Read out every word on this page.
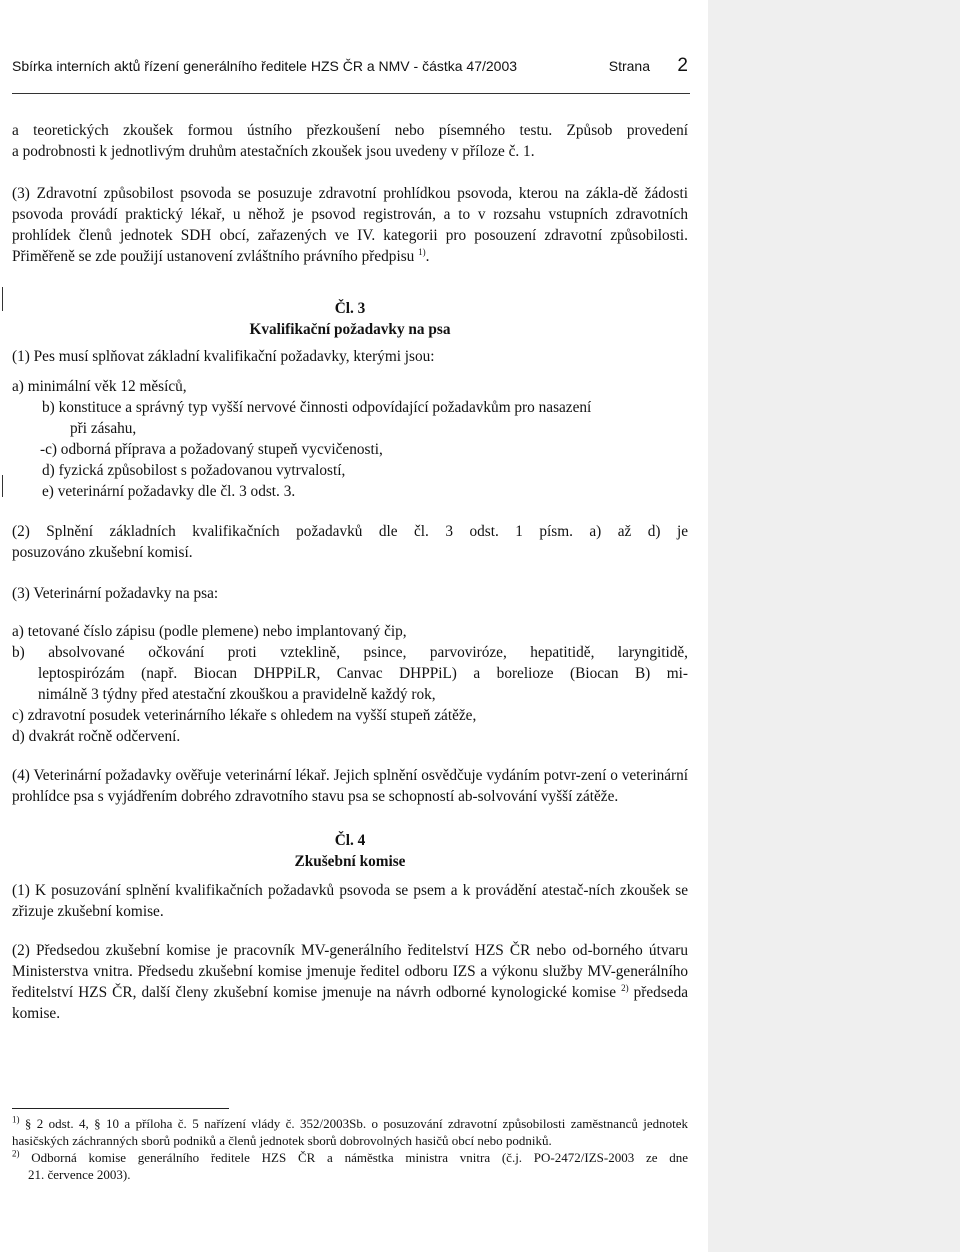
Sbírka interních aktů řízení generálního ředitele HZS ČR a NMV - částka 47/2003	Strana 2

a teoretických zkoušek formou ústního přezkoušení nebo písemného testu. Způsob provedení

a podrobnosti k jednotlivým druhům atestačních zkoušek jsou uvedeny v příloze č. 1.

(3) Zdravotní způsobilost psovoda se posuzuje zdravotní prohlídkou psovoda, kterou na zákla-dě žádosti psovoda provádí praktický lékař, u něhož je psovod registrován, a to v rozsahu vstupních zdravotních prohlídek členů jednotek SDH obcí, zařazených ve IV. kategorii pro posouzení zdravotní způsobilosti. Přiměřeně se zde použijí ustanovení zvláštního právního předpisu $^{1)}$.

Čl. 3

Kvalifikační požadavky na psa

(1) Pes musí splňovat základní kvalifikační požadavky, kterými jsou:

a) minimální věk 12 měsíců,

b) konstituce a správný typ vyšší nervové činnosti odpovídající požadavkům pro nasazení

při zásahu,

-c) odborná příprava a požadovaný stupeň vycvičenosti,

d) fyzická způsobilost s požadovanou vytrvalostí,

e) veterinární požadavky dle čl. 3 odst. 3.

(2) Splnění základních kvalifikačních požadavků dle čl. 3 odst. 1 písm. a) až d) je

posuzováno zkušební komisí.

(3) Veterinární požadavky na psa:

a) tetované číslo zápisu (podle plemene) nebo implantovaný čip,

b) absolvované očkování proti vzteklině, psince, parvoviróze, hepatitidě, laryngitidě,

leptospirózám (např. Biocan DHPPiLR, Canvac DHPPiL) a borelioze (Biocan B) mi-

nimálně 3 týdny před atestační zkouškou a pravidelně každý rok,

c) zdravotní posudek veterinárního lékaře s ohledem na vyšší stupeň zátěže,

d) dvakrát ročně odčervení.

(4) Veterinární požadavky ověřuje veterinární lékař. Jejich splnění osvědčuje vydáním potvr-zení o veterinární prohlídce psa s vyjádřením dobrého zdravotního stavu psa se schopností ab-solvování vyšší zátěže.

Čl. 4

Zkušební komise

(1) K posuzování splnění kvalifikačních požadavků psovoda se psem a k provádění atestač-ních zkoušek se zřizuje zkušební komise.

(2) Předsedou zkušební komise je pracovník MV-generálního ředitelství HZS ČR nebo od-borného útvaru Ministerstva vnitra. Předsedu zkušební komise jmenuje ředitel odboru IZS a výkonu služby MV-generálního ředitelství HZS ČR, další členy zkušební komise jmenuje na návrh odborné kynologické komise $^{2)}$ předseda komise.

$^{1)}$ § 2 odst. 4, § 10 a příloha č. 5 nařízení vlády č. 352/2003Sb. o posuzování zdravotní způsobilosti zaměstnanců jednotek hasičských záchranných sborů podniků a členů jednotek sborů dobrovolných hasičů obcí nebo podniků.

$^{2)}$ Odborná komise generálního ředitele HZS ČR a náměstka ministra vnitra (č.j. PO-2472/IZS-2003 ze dne

21. července 2003).
